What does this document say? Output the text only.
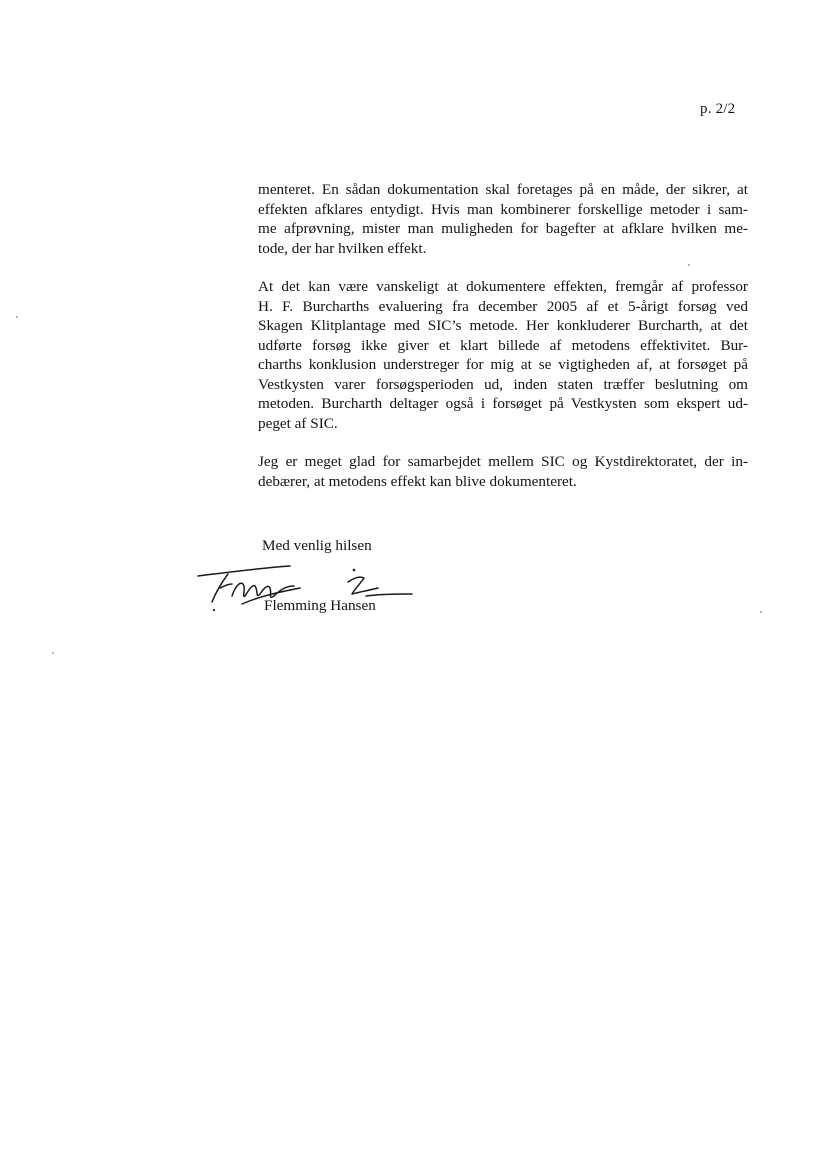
p. 2/2
menteret. En sådan dokumentation skal foretages på en måde, der sikrer, at
effekten afklares entydigt. Hvis man kombinerer forskellige metoder i sam-
me afprøvning, mister man muligheden for bagefter at afklare hvilken me-
tode, der har hvilken effekt.
At det kan være vanskeligt at dokumentere effekten, fremgår af professor
H. F. Burcharths evaluering fra december 2005 af et 5-årigt forsøg ved
Skagen Klitplantage med SIC’s metode. Her konkluderer Burcharth, at det
udførte forsøg ikke giver et klart billede af metodens effektivitet. Bur-
charths konklusion understreger for mig at se vigtigheden af, at forsøget på
Vestkysten varer forsøgsperioden ud, inden staten træffer beslutning om
metoden. Burcharth deltager også i forsøget på Vestkysten som ekspert ud-
peget af SIC.
Jeg er meget glad for samarbejdet mellem SIC og Kystdirektoratet, der in-
debærer, at metodens effekt kan blive dokumenteret.
Med venlig hilsen
Flemming Hansen
